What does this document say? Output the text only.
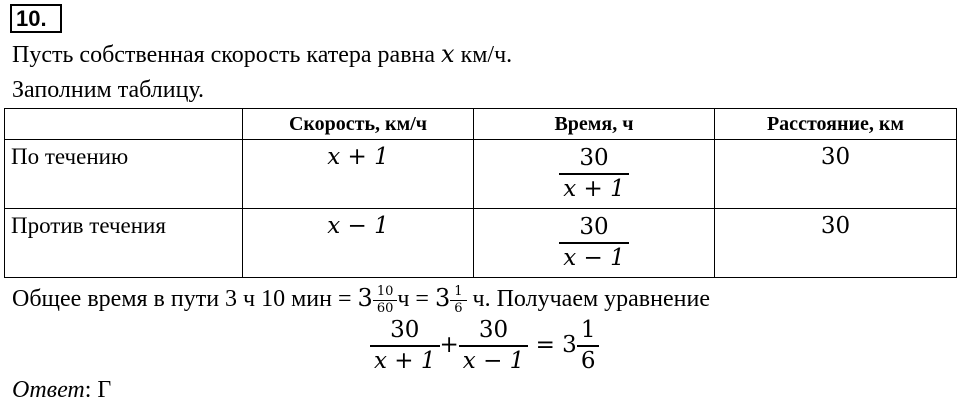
10.
Пусть собственная скорость катера равна x км/ч.
Заполним таблицу.
	Скорость, км/ч	Время, ч	Расстояние, км
По течению	x + 1	$\frac{30}{x + 1}$	30
Против течения	x − 1	$\frac{30}{x - 1}$	30
Общее время в пути 3 ч 10 мин = $3 \frac{10}{60}$ $ч = 3 \frac{1}{6} ч$. Получаем уравнение
$\frac{30}{x + 1} + \frac{30}{x - 1} = 3 \frac{1}{6}$
Ответ: Г
